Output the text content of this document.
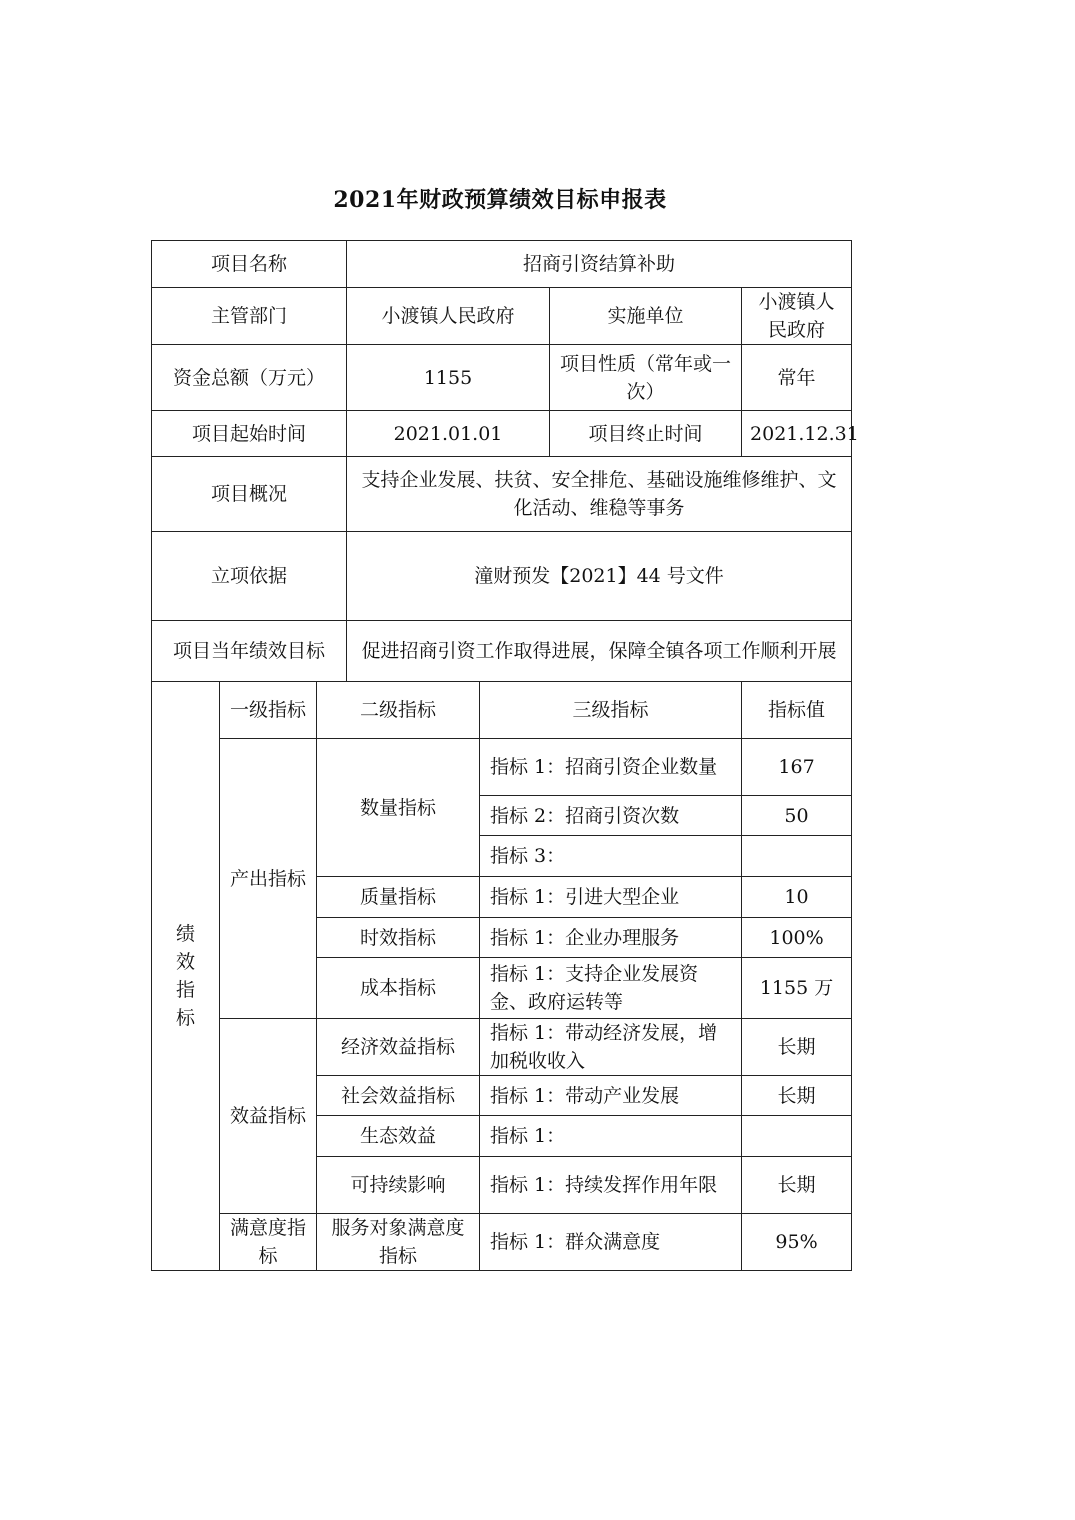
2021年财政预算绩效目标申报表
项目名称			招商引资结算补助			
主管部门			小渡镇人民政府		实施单位	小渡镇人民政府
资金总额（万元）			1155		项目性质（常年或一次）	常年
项目起始时间			2021.01.01		项目终止时间	2021.12.31
项目概况			支持企业发展、扶贫、安全排危、基础设施维修维护、文化活动、维稳等事务			
立项依据			潼财预发【2021】44 号文件			
项目当年绩效目标			促进招商引资工作取得进展，保障全镇各项工作顺利开展			
绩效指标	一级指标	二级指标		三级指标		指标值
	产出指标	数量指标		指标 1：招商引资企业数量		167
				指标 2：招商引资次数		50
				指标 3：		
		质量指标		指标 1：引进大型企业		10
		时效指标		指标 1：企业办理服务		100%
		成本指标		指标 1：支持企业发展资金、政府运转等		1155 万
	效益指标	经济效益指标		指标 1：带动经济发展，增加税收收入		长期
		社会效益指标		指标 1：带动产业发展		长期
		生态效益		指标 1：		
		可持续影响		指标 1：持续发挥作用年限		长期
	满意度指标	服务对象满意度指标		指标 1：群众满意度		95%
